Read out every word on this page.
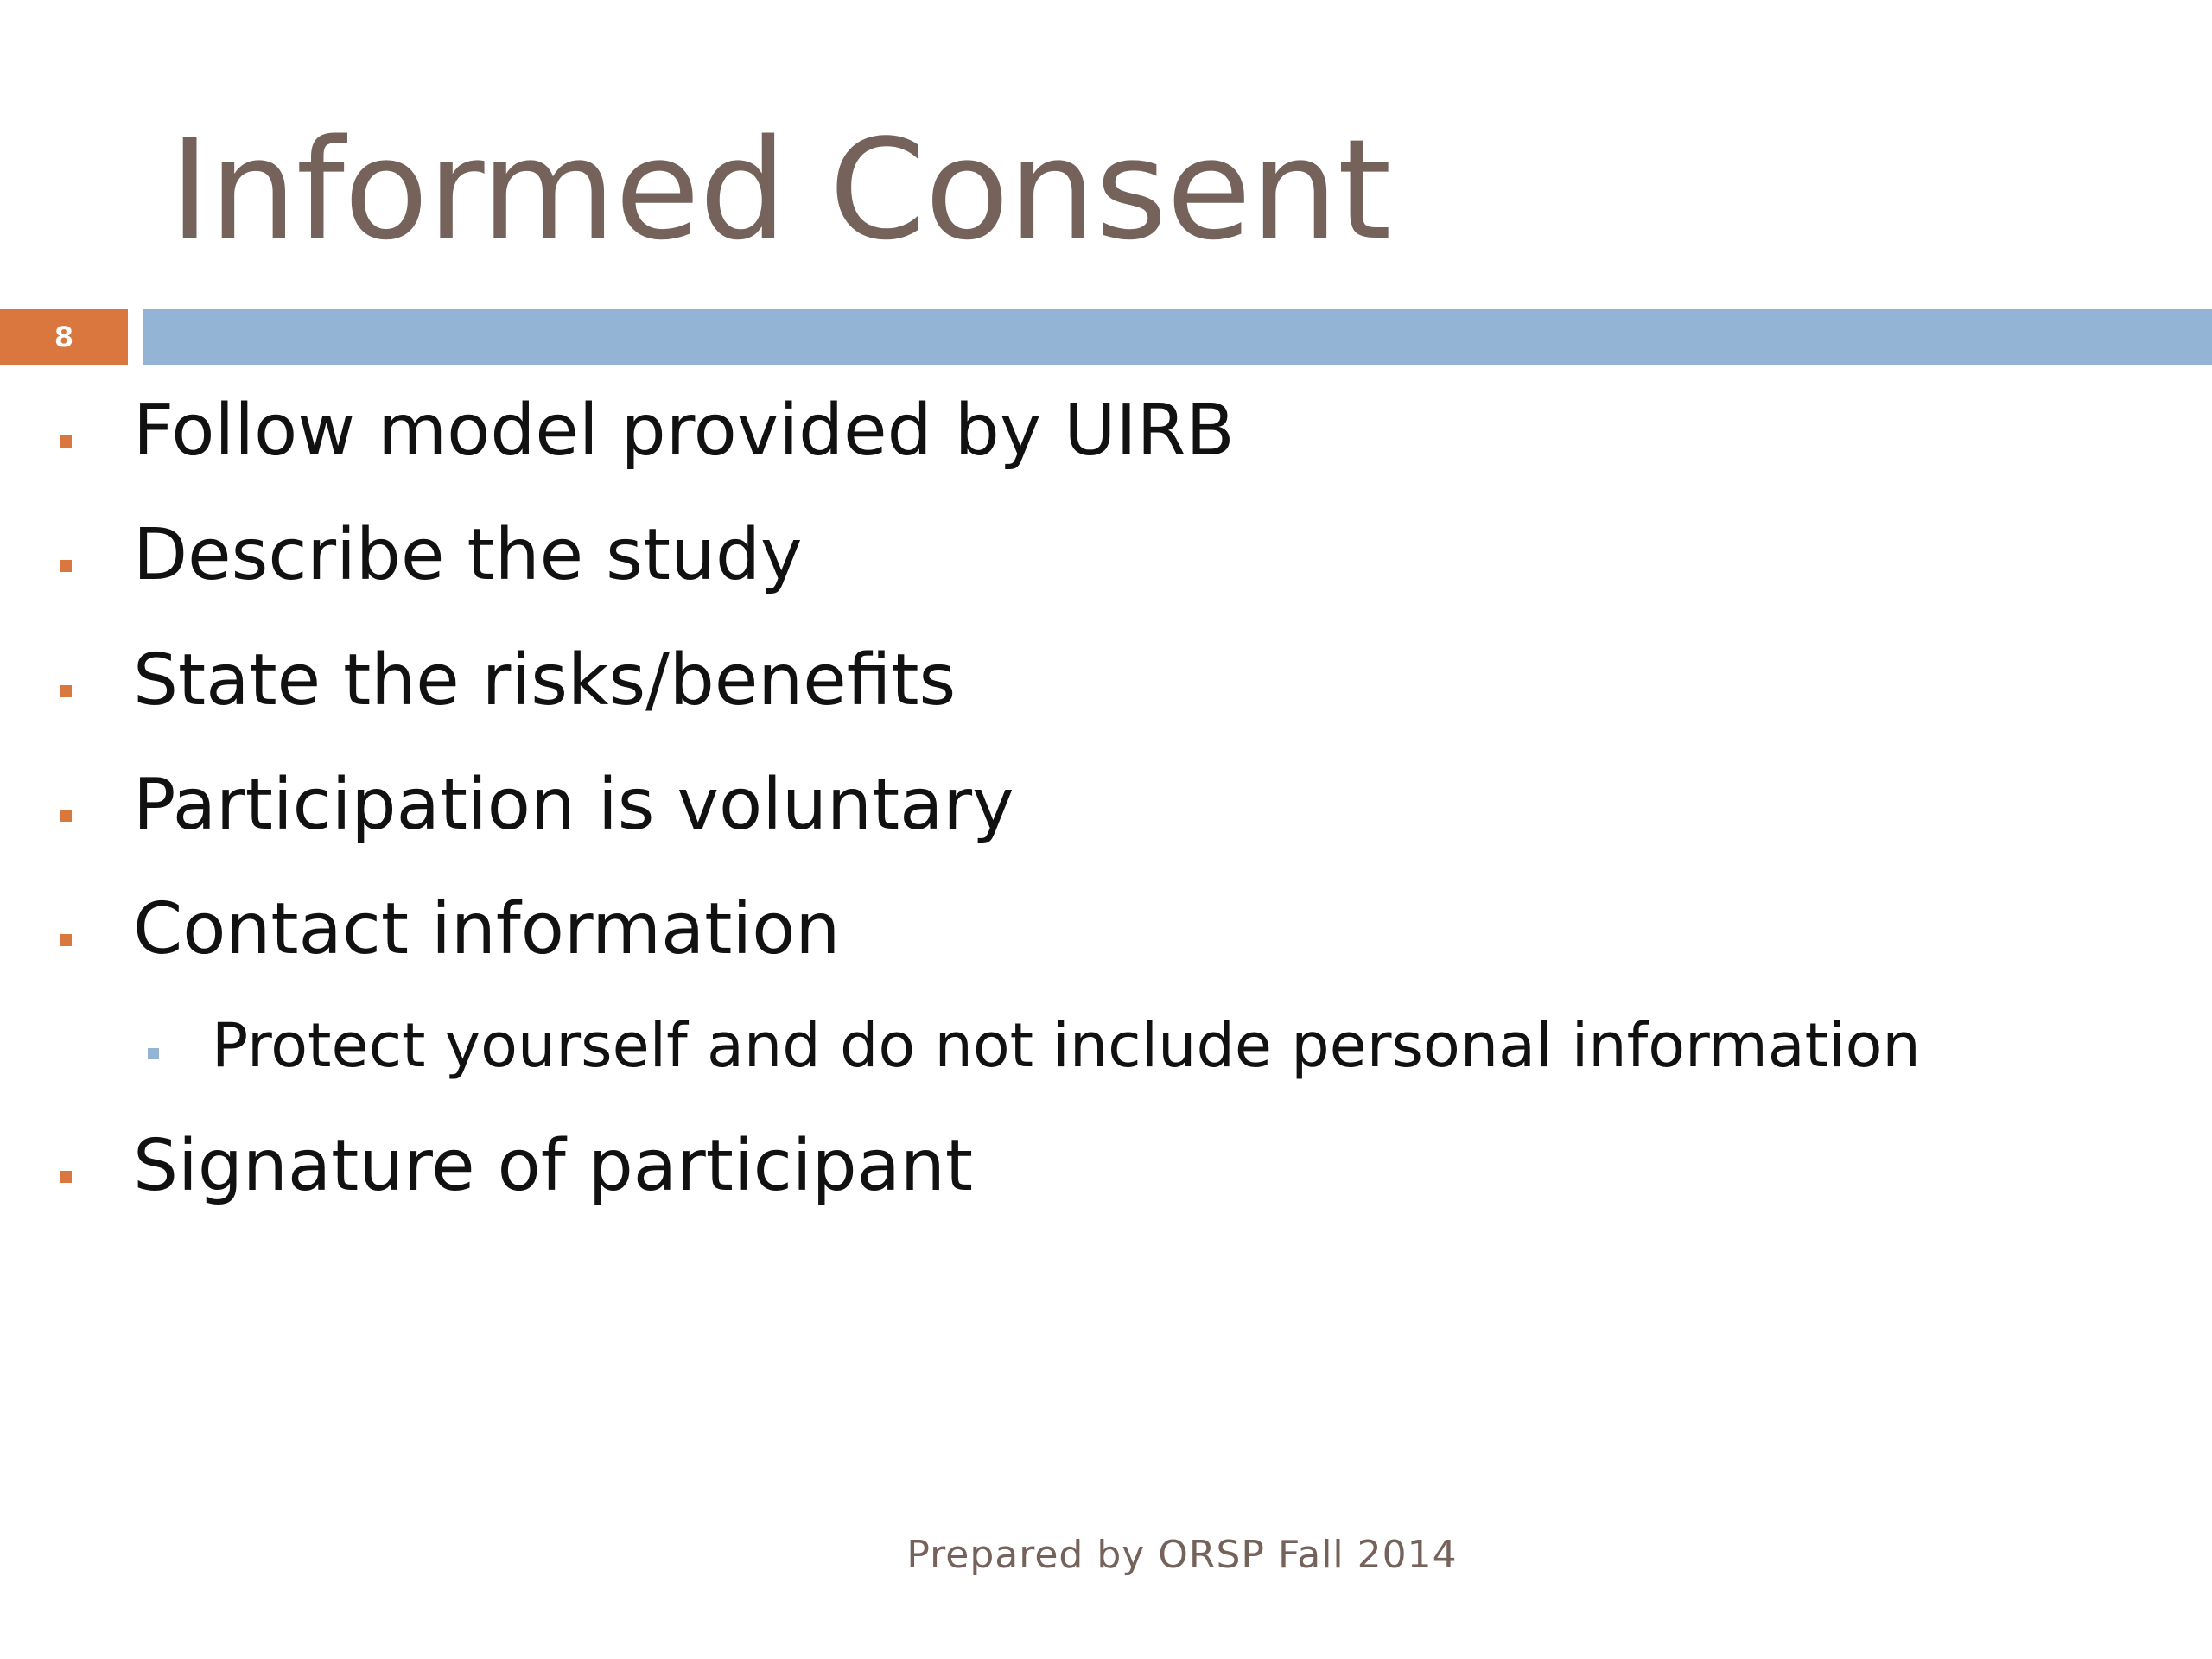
Informed Consent
8
Follow model provided by UIRB
Describe the study
State the risks/benefits
Participation is voluntary
Contact information
Protect yourself and do not include personal information
Signature of participant
Prepared by ORSP Fall 2014
